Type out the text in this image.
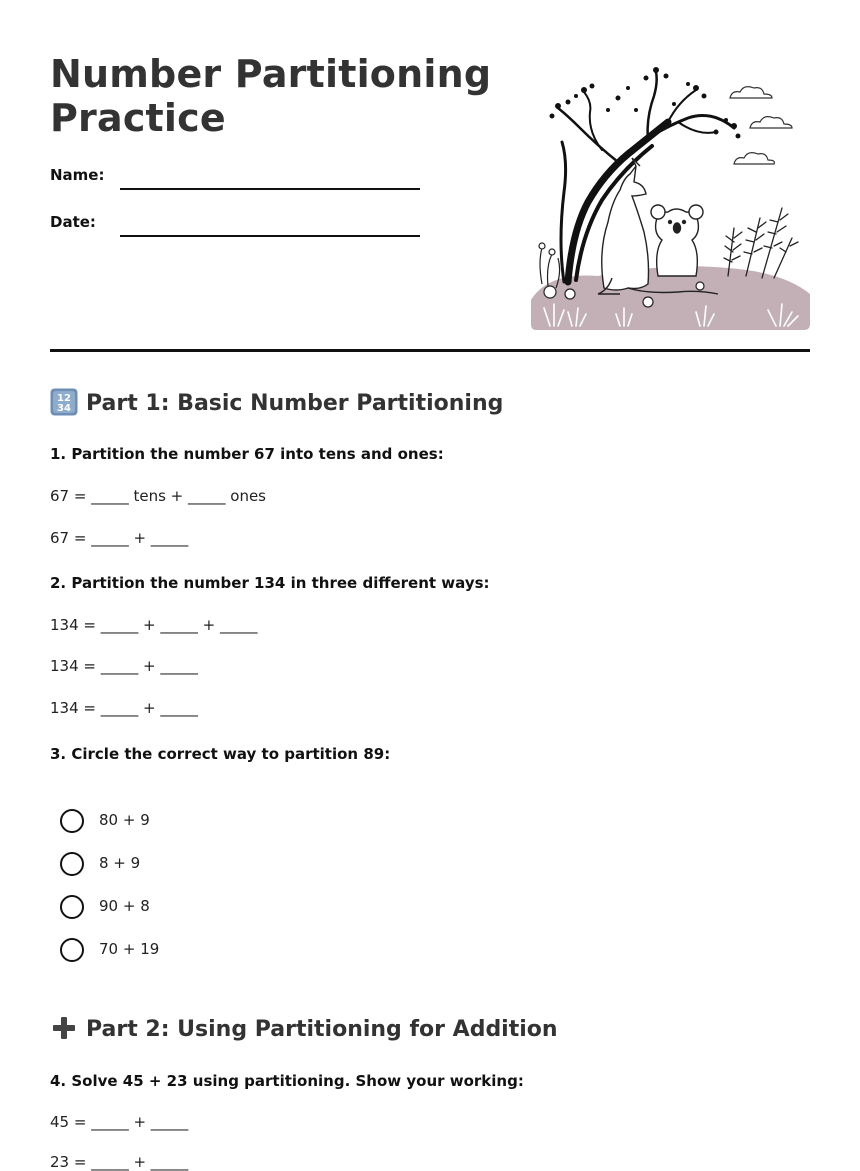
Number Partitioning
Practice
Name:
Date:
12
34 Part 1: Basic Number Partitioning

1. Partition the number 67 into tens and ones:

67 = _____ tens + _____ ones
67 = _____ + _____

2. Partition the number 134 in three different ways:

134 = _____ + _____ + _____
134 = _____ + _____
134 = _____ + _____

3. Circle the correct way to partition 89:

80 + 9
8 + 9
90 + 8
70 + 19
Part 2: Using Partitioning for Addition

4. Solve 45 + 23 using partitioning. Show your working:

45 = _____ + _____
23 = _____ + _____
